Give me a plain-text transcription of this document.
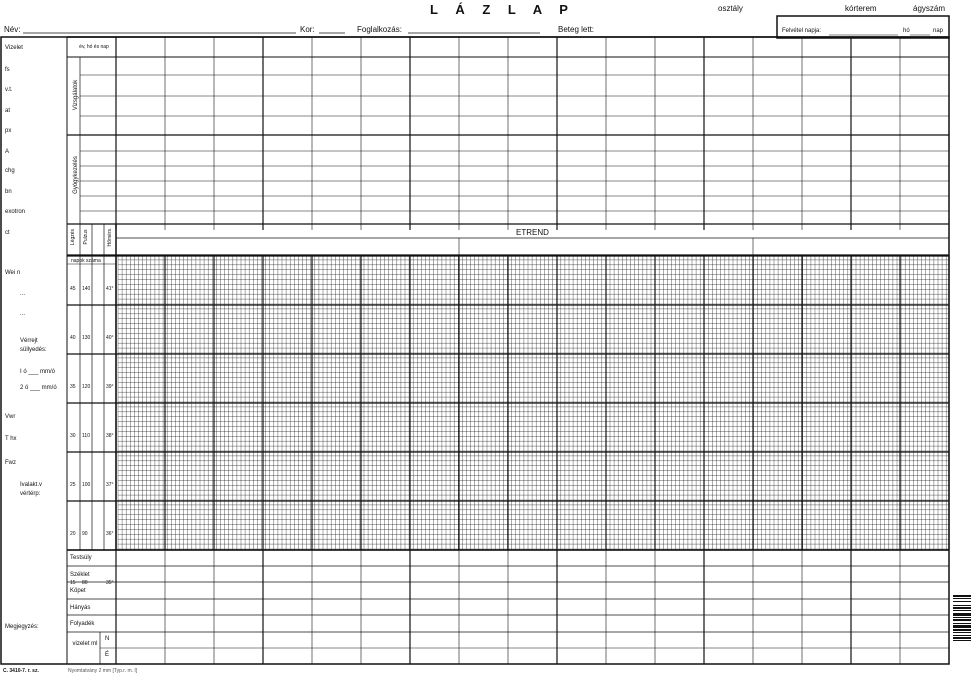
L Á Z L A P	osztály	kórterem	ágyszám
Név:	Kor:	Foglalkozás:	Beteg lett:	Felvétel napja:	hó	nap
Vizelet
fs
v.t.
at
px
A
chg
bn
exotron
ct
Wei n
...
...
Vérrejt süllyedés:
I ó ___ mm/ó
2 ó ___ mm/ó
Vwr
T hx
Fwz
Ivalakt.v vértérp:
Megjegyzés:
év, hó és nap
Vizsgálatok
Gyógykezelés
ETREND
Légzés Pulzus	Hőmérs.
napok száma
45 140	41°
40 130	40°
35 120	39°
30 110	38°
25 100	37°
20 90	36°
15 80	35°
Testsúly
Széklet
Köpet
Hányás
Folyadék
vizelet ml
N
É
C. 3410-7. r. sz.	Nyomtatvány 2 mm [Typ.r. m. I]
